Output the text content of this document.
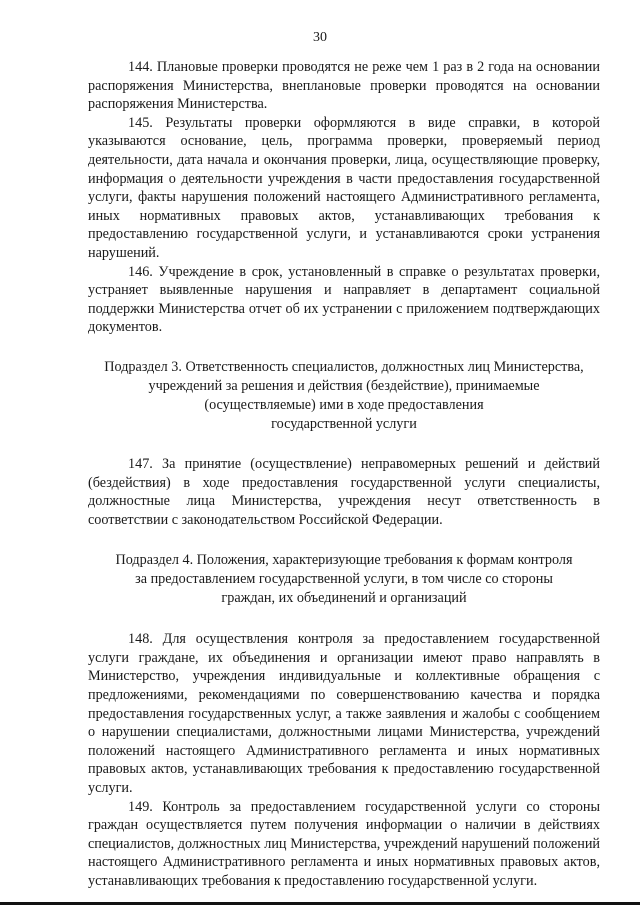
30

144. Плановые проверки проводятся не реже чем 1 раз в 2 года на основании распоряжения Министерства, внеплановые проверки проводятся на основании распоряжения Министерства.

145. Результаты проверки оформляются в виде справки, в которой указываются основание, цель, программа проверки, проверяемый период деятельности, дата начала и окончания проверки, лица, осуществляющие проверку, информация о деятельности учреждения в части предоставления государственной услуги, факты нарушения положений настоящего Административного регламента, иных нормативных правовых актов, устанавливающих требования к предоставлению государственной услуги, и устанавливаются сроки устранения нарушений.

146. Учреждение в срок, установленный в справке о результатах проверки, устраняет выявленные нарушения и направляет в департамент социальной поддержки Министерства отчет об их устранении с приложением подтверждающих документов.

Подраздел 3. Ответственность специалистов, должностных лиц Министерства,
учреждений за решения и действия (бездействие), принимаемые
(осуществляемые) ими в ходе предоставления
государственной услуги

147. За принятие (осуществление) неправомерных решений и действий (бездействия) в ходе предоставления государственной услуги специалисты, должностные лица Министерства, учреждения несут ответственность в соответствии с законодательством Российской Федерации.

Подраздел 4. Положения, характеризующие требования к формам контроля
за предоставлением государственной услуги, в том числе со стороны
граждан, их объединений и организаций

148. Для осуществления контроля за предоставлением государственной услуги граждане, их объединения и организации имеют право направлять в Министерство, учреждения индивидуальные и коллективные обращения с предложениями, рекомендациями по совершенствованию качества и порядка предоставления государственных услуг, а также заявления и жалобы с сообщением о нарушении специалистами, должностными лицами Министерства, учреждений положений настоящего Административного регламента и иных нормативных правовых актов, устанавливающих требования к предоставлению государственной услуги.

149. Контроль за предоставлением государственной услуги со стороны граждан осуществляется путем получения информации о наличии в действиях специалистов, должностных лиц Министерства, учреждений нарушений положений настоящего Административного регламента и иных нормативных правовых актов, устанавливающих требования к предоставлению государственной услуги.
